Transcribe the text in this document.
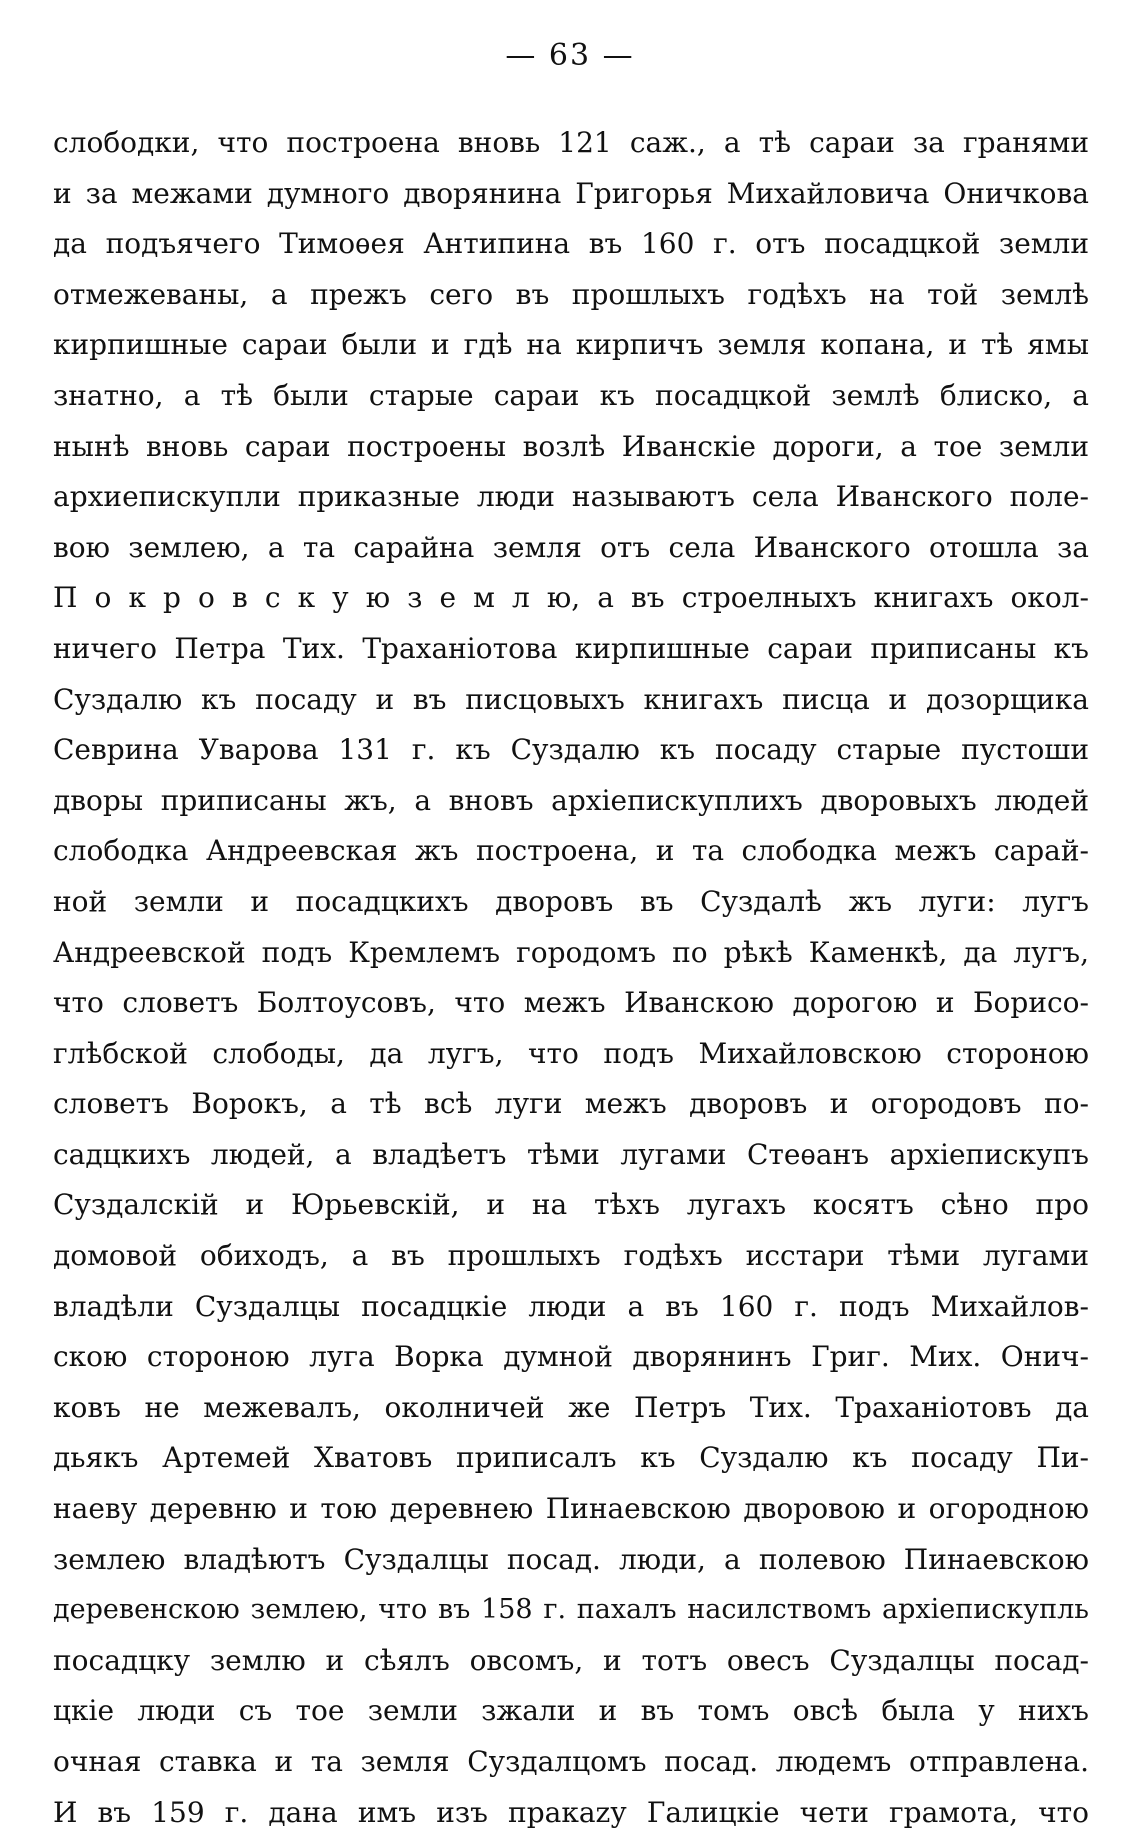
— 63 —
слободки, что построена вновь 121 саж., а тѣ сараи за гранями
и за межами думного дворянина Григорья Михайловича Оничкова
да подъячего Тимоѳея Антипина въ 160 г. отъ посадцкой земли
отмежеваны, а прежъ сего въ прошлыхъ годѣхъ на той землѣ
кирпишные сараи были и гдѣ на кирпичъ земля копана, и тѣ ямы
знатно, а тѣ были старые сараи къ посадцкой землѣ блиско, а
нынѣ вновь сараи построены возлѣ Иванскіе дороги, а тое земли
архиепискупли приказные люди называютъ села Иванского поле-
вою землею, а та сарайна земля отъ села Иванского отошла за
П о к р о в с к у ю з е м л ю, а въ строелныхъ книгахъ окол-
ничего Петра Тих. Траханіотова кирпишные сараи приписаны къ
Суздалю къ посаду и въ писцовыхъ книгахъ писца и дозорщика
Севрина Уварова 131 г. къ Суздалю къ посаду старые пустоши
дворы приписаны жъ, а вновъ архіепискуплихъ дворовыхъ людей
слободка Андреевская жъ построена, и та слободка межъ сарай-
ной земли и посадцкихъ дворовъ въ Суздалѣ жъ луги: лугъ
Андреевской подъ Кремлемъ городомъ по рѣкѣ Каменкѣ, да лугъ,
что словетъ Болтоусовъ, что межъ Иванскою дорогою и Борисо-
глѣбской слободы, да лугъ, что подъ Михайловскою стороною
словетъ Ворокъ, а тѣ всѣ луги межъ дворовъ и огородовъ по-
садцкихъ людей, а владѣетъ тѣми лугами Стеѳанъ архіепискупъ
Суздалскій и Юрьевскій, и на тѣхъ лугахъ косятъ сѣно про
домовой обиходъ, а въ прошлыхъ годѣхъ исстари тѣми лугами
владѣли Суздалцы посадцкіе люди а въ 160 г. подъ Михайлов-
скою стороною луга Ворка думной дворянинъ Григ. Мих. Онич-
ковъ не межевалъ, околничей же Петръ Тих. Траханіотовъ да
дьякъ Артемей Хватовъ приписалъ къ Суздалю къ посаду Пи-
наеву деревню и тою деревнею Пинаевскою дворовою и огородною
землею владѣютъ Суздалцы посад. люди, а полевою Пинаевскою
деревенскою землею, что въ 158 г. пахалъ насилствомъ архіепискупль
посадцку землю и сѣялъ овсомъ, и тотъ овесъ Суздалцы посад-
цкіе люди съ тое земли зжали и въ томъ овсѣ была у нихъ
очная ставка и та земля Суздалцомъ посад. людемъ отправлена.
И въ 159 г. дана имъ изъ пракazу Галицкіе чети грамота, что
